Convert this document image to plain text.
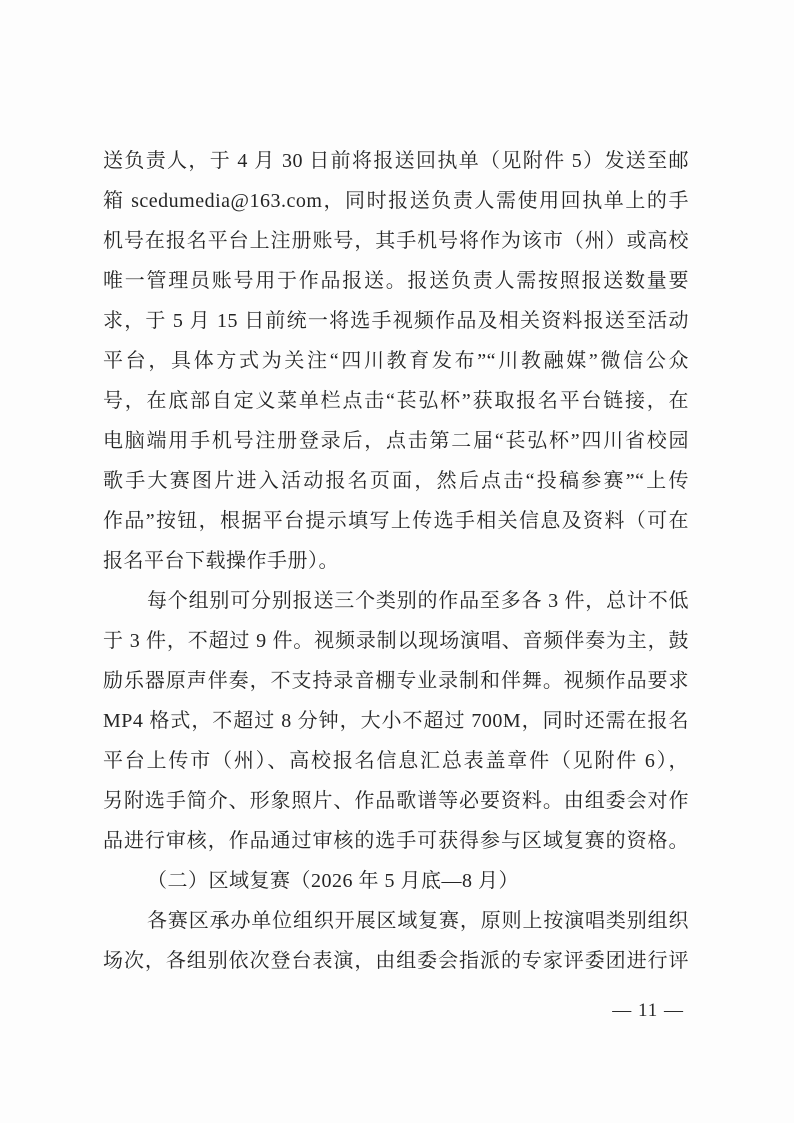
送负责人，于 4 月 30 日前将报送回执单（见附件 5）发送至邮
箱 scedumedia@163.com，同时报送负责人需使用回执单上的手
机号在报名平台上注册账号，其手机号将作为该市（州）或高校
唯一管理员账号用于作品报送。报送负责人需按照报送数量要
求，于 5 月 15 日前统一将选手视频作品及相关资料报送至活动
平台，具体方式为关注“四川教育发布”“川教融媒”微信公众
号，在底部自定义菜单栏点击“苌弘杯”获取报名平台链接，在
电脑端用手机号注册登录后，点击第二届“苌弘杯”四川省校园
歌手大赛图片进入活动报名页面，然后点击“投稿参赛”“上传
作品”按钮，根据平台提示填写上传选手相关信息及资料（可在
报名平台下载操作手册）。
每个组别可分别报送三个类别的作品至多各 3 件，总计不低
于 3 件，不超过 9 件。视频录制以现场演唱、音频伴奏为主，鼓
励乐器原声伴奏，不支持录音棚专业录制和伴舞。视频作品要求
MP4 格式，不超过 8 分钟，大小不超过 700M，同时还需在报名
平台上传市（州）、高校报名信息汇总表盖章件（见附件 6），
另附选手简介、形象照片、作品歌谱等必要资料。由组委会对作
品进行审核，作品通过审核的选手可获得参与区域复赛的资格。
（二）区域复赛（2026 年 5 月底—8 月）
各赛区承办单位组织开展区域复赛，原则上按演唱类别组织
场次，各组别依次登台表演，由组委会指派的专家评委团进行评
— 11 —
